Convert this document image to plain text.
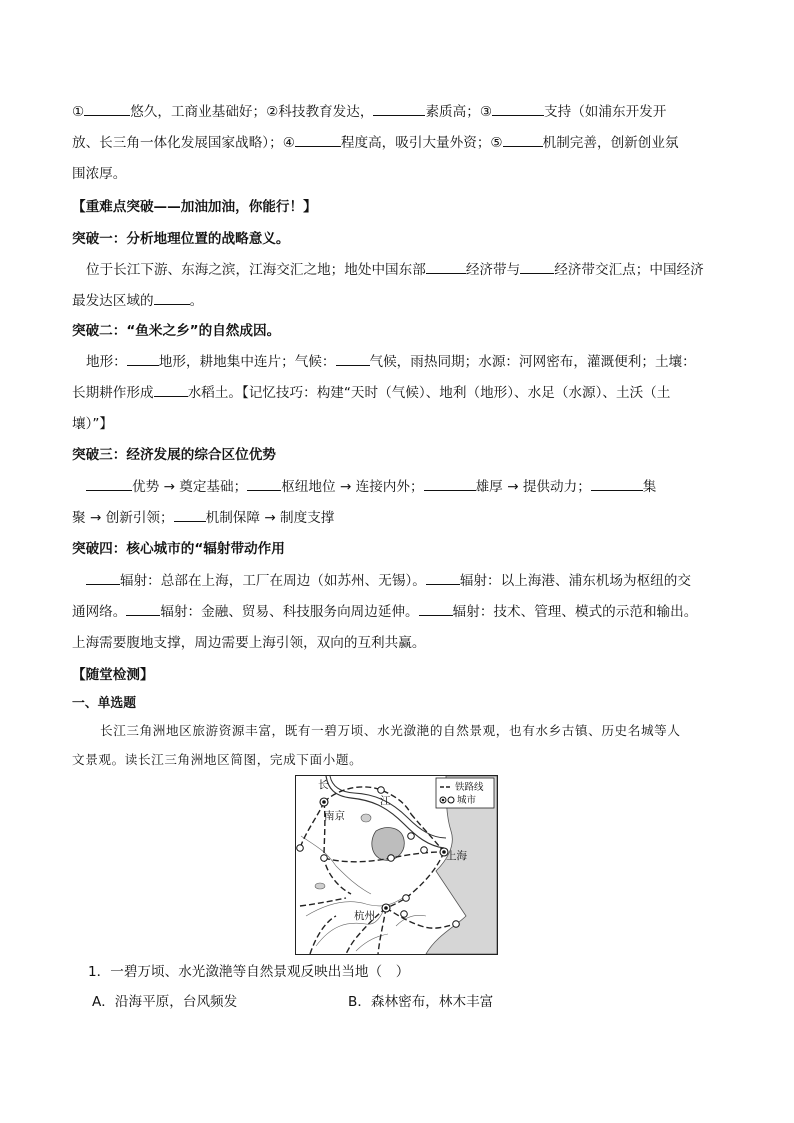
①	悠久，工商业基础好；②科技教育发达，	素质高；③	支持（如浦东开发开

放、长三角一体化发展国家战略）；④	程度高，吸引大量外资；⑤	机制完善，创新创业氛

围浓厚。

【重难点突破——加油加油，你能行！】

突破一：分析地理位置的战略意义。

位于长江下游、东海之滨，江海交汇之地；地处中国东部	经济带与	经济带交汇点；中国经济

最发达区域的	。

突破二：“鱼米之乡”的自然成因。

地形： 地形，耕地集中连片；气候：	气候，雨热同期；水源：河网密布，灌溉便利；土壤：

长期耕作形成	水稻土。【记忆技巧：构建“天时（气候）、地利（地形）、水足（水源）、土沃（土

壤）”】

突破三：经济发展的综合区位优势

优势 → 奠定基础；	枢纽地位 → 连接内外；	雄厚 → 提供动力；	集

聚 → 创新引领； 机制保障 → 制度支撑

突破四：核心城市的“辐射带动作用

辐射：总部在上海，工厂在周边（如苏州、无锡）。	辐射：以上海港、浦东机场为枢纽的交

通网络。	辐射：金融、贸易、科技服务向周边延伸。	辐射：技术、管理、模式的示范和输出。

上海需要腹地支撑，周边需要上海引领，双向的互利共赢。

【随堂检测】

一、单选题

长江三角洲地区旅游资源丰富，既有一碧万顷、水光潋滟的自然景观，也有水乡古镇、历史名城等人

文景观。读长江三角洲地区简图，完成下面小题。

长
江
南京
上海
杭州
铁路线
城市

1．一碧万顷、水光潋滟等自然景观反映出当地（　）

A．沿海平原，台风频发	B．森林密布，林木丰富
